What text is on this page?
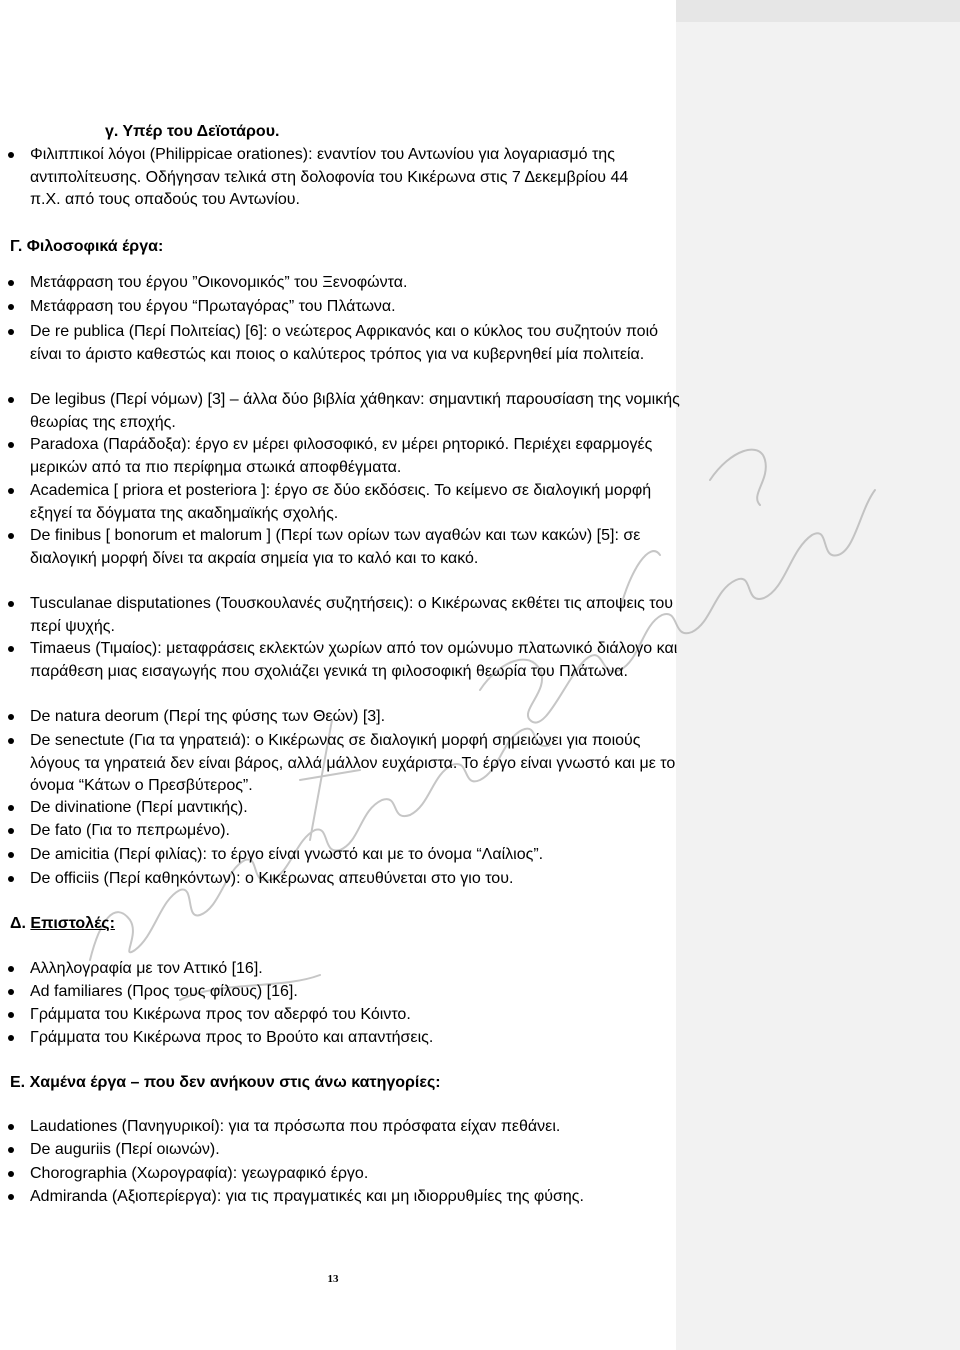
γ. Υπέρ του Δεϊοτάρου.
Φιλιππικοί λόγοι (Philippicae orationes): εναντίον του Αντωνίου για λογαριασμό της αντιπολίτευσης. Οδήγησαν τελικά στη δολοφονία του Κικέρωνα στις 7 Δεκεμβρίου 44 π.Χ. από τους οπαδούς του Αντωνίου.
Γ. Φιλοσοφικά έργα:
Μετάφραση του έργου ”Οικονομικός” του Ξενοφώντα.
Μετάφραση του έργου “Πρωταγόρας” του Πλάτωνα.
De re publica (Περί Πολιτείας) [6]: ο νεώτερος Αφρικανός και ο κύκλος του συζητούν ποιό είναι το άριστο καθεστώς και ποιος ο καλύτερος τρόπος για να κυβερνηθεί μία πολιτεία.
De legibus (Περί νόμων) [3] – άλλα δύο βιβλία χάθηκαν: σημαντική παρουσίαση της νομικής θεωρίας της εποχής.
Paradoxa (Παράδοξα): έργο εν μέρει φιλοσοφικό, εν μέρει ρητορικό. Περιέχει εφαρμογές μερικών από τα πιο περίφημα στωικά αποφθέγματα.
Academica [ priora et posteriora ]: έργο σε δύο εκδόσεις. Το κείμενο σε διαλογική μορφή εξηγεί τα δόγματα της ακαδημαϊκής σχολής.
De finibus [ bonorum et malorum ] (Περί των ορίων των αγαθών και των κακών) [5]: σε διαλογική μορφή δίνει τα ακραία σημεία για το καλό και το κακό.
Tusculanae disputationes (Τουσκουλανές συζητήσεις): ο Κικέρωνας εκθέτει τις αποψεις του περί ψυχής.
Timaeus (Τιμαίος): μεταφράσεις εκλεκτών χωρίων από τον ομώνυμο πλατωνικό διάλογο και παράθεση μιας εισαγωγής που σχολιάζει γενικά τη φιλοσοφική θεωρία του Πλάτωνα.
De natura deorum (Περί της φύσης των Θεών) [3].
De senectute (Για τα γηρατειά): ο Κικέρωνας σε διαλογική μορφή σημειώνει για ποιούς λόγους τα γηρατειά δεν είναι βάρος, αλλά μάλλον ευχάριστα. Το έργο είναι γνωστό και με το όνομα “Κάτων ο Πρεσβύτερος”.
De divinatione (Περί μαντικής).
De fato (Για το πεπρωμένο).
De amicitia (Περί φιλίας): το έργο είναι γνωστό και με το όνομα “Λαίλιος”.
De officiis (Περί καθηκόντων): ο Κικέρωνας απευθύνεται στο γιο του.
Δ. Επιστολές:
Αλληλογραφία με τον Αττικό [16].
Ad familiares (Προς τους φίλους) [16].
Γράμματα του Κικέρωνα προς τον αδερφό του Κόιντο.
Γράμματα του Κικέρωνα προς το Βρούτο και απαντήσεις.
Ε. Χαμένα έργα – που δεν ανήκουν στις άνω κατηγορίες:
Laudationes (Πανηγυρικοί): για τα πρόσωπα που πρόσφατα είχαν πεθάνει.
De auguriis (Περί οιωνών).
Chorographia (Χωρογραφία): γεωγραφικό έργο.
Admiranda (Αξιοπερίεργα): για τις πραγματικές και μη ιδιορρυθμίες της φύσης.
13
